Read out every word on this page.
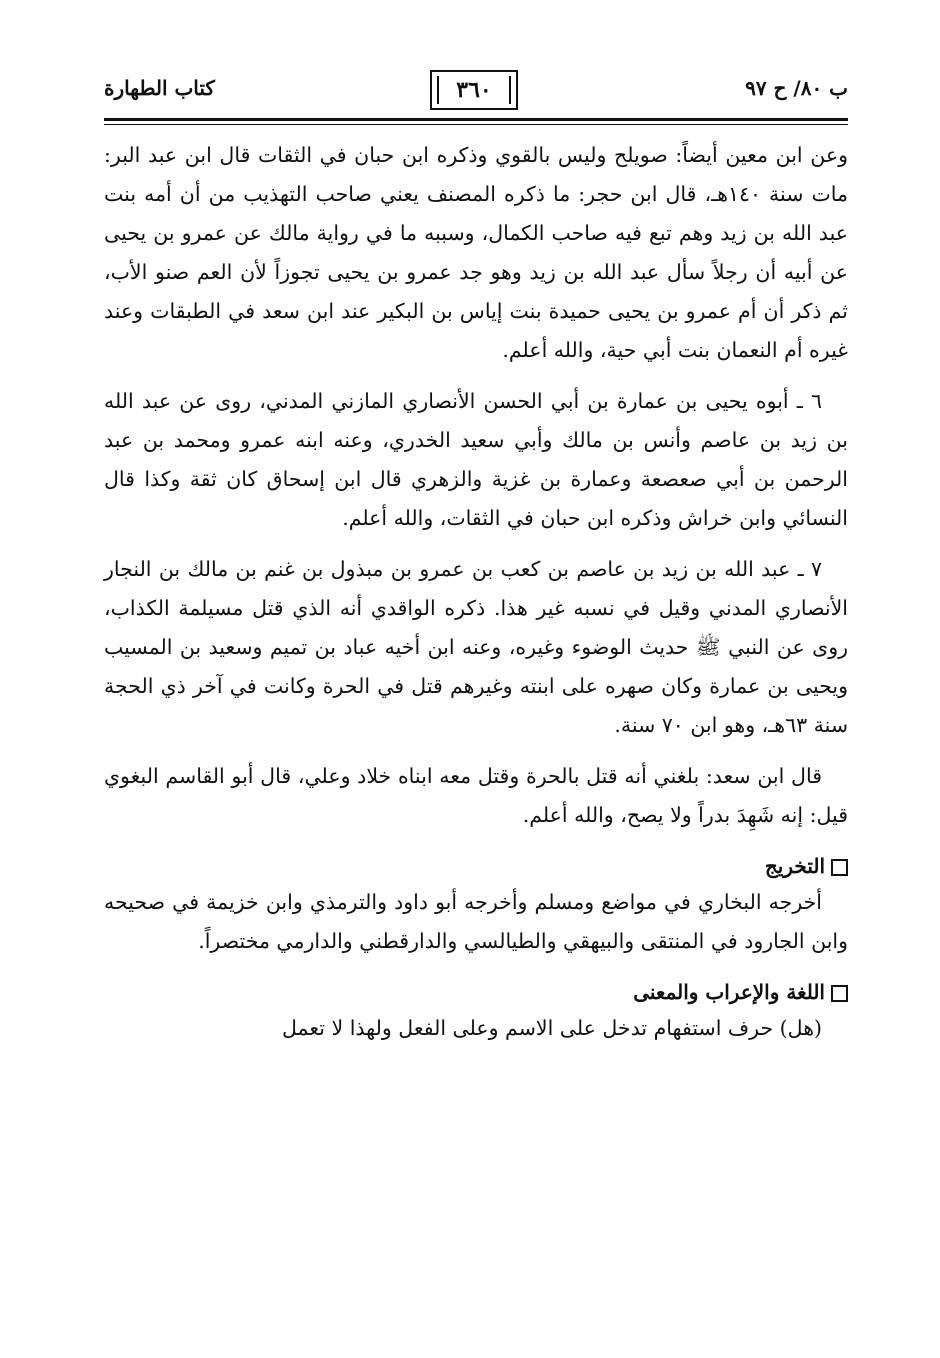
كتاب الطهارة	٣٦٠	ب ٨٠/ ح ٩٧

وعن ابن معين أيضاً: صويلح وليس بالقوي وذكره ابن حبان في الثقات قال ابن عبد البر: مات سنة ١٤٠هـ، قال ابن حجر: ما ذكره المصنف يعني صاحب التهذيب من أن أمه بنت عبد الله بن زيد وهم تبع فيه صاحب الكمال، وسببه ما في رواية مالك عن عمرو بن يحيى عن أبيه أن رجلاً سأل عبد الله بن زيد وهو جد عمرو بن يحيى تجوزاً لأن العم صنو الأب، ثم ذكر أن أم عمرو بن يحيى حميدة بنت إياس بن البكير عند ابن سعد في الطبقات وعند غيره أم النعمان بنت أبي حية، والله أعلم.

٦ ـ أبوه يحيى بن عمارة بن أبي الحسن الأنصاري المازني المدني، روى عن عبد الله بن زيد بن عاصم وأنس بن مالك وأبي سعيد الخدري، وعنه ابنه عمرو ومحمد بن عبد الرحمن بن أبي صعصعة وعمارة بن غزية والزهري قال ابن إسحاق كان ثقة وكذا قال النسائي وابن خراش وذكره ابن حبان في الثقات، والله أعلم.

٧ ـ عبد الله بن زيد بن عاصم بن كعب بن عمرو بن مبذول بن غنم بن مالك بن النجار الأنصاري المدني وقيل في نسبه غير هذا. ذكره الواقدي أنه الذي قتل مسيلمة الكذاب، روى عن النبي ﷺ حديث الوضوء وغيره، وعنه ابن أخيه عباد بن تميم وسعيد بن المسيب ويحيى بن عمارة وكان صهره على ابنته وغيرهم قتل في الحرة وكانت في آخر ذي الحجة سنة ٦٣هـ، وهو ابن ٧٠ سنة.

قال ابن سعد: بلغني أنه قتل بالحرة وقتل معه ابناه خلاد وعلي، قال أبو القاسم البغوي قيل: إنه شَهِدَ بدراً ولا يصح، والله أعلم.

التخريج

أخرجه البخاري في مواضع ومسلم وأخرجه أبو داود والترمذي وابن خزيمة في صحيحه وابن الجارود في المنتقى والبيهقي والطيالسي والدارقطني والدارمي مختصراً.

اللغة والإعراب والمعنى

(هل) حرف استفهام تدخل على الاسم وعلى الفعل ولهذا لا تعمل
